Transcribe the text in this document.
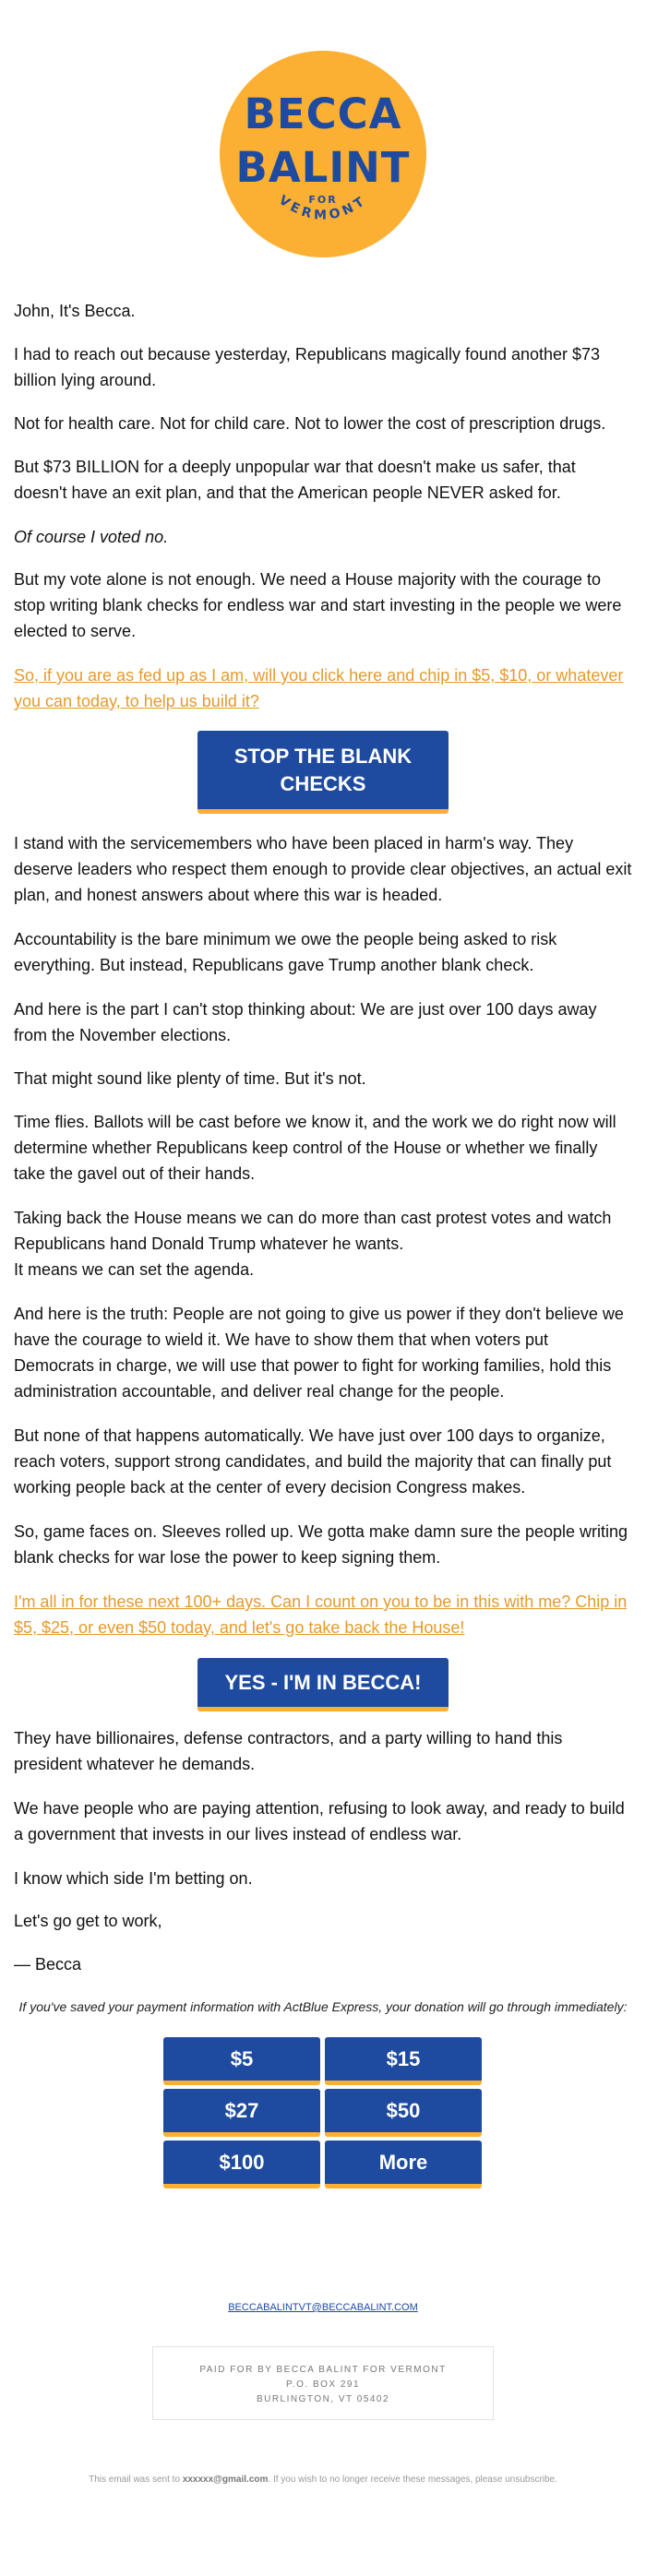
BECCA
BALINT
VERMONT
FOR

John, It's Becca.

I had to reach out because yesterday, Republicans magically found another $73 billion lying around.

Not for health care. Not for child care. Not to lower the cost of prescription drugs.

But $73 BILLION for a deeply unpopular war that doesn't make us safer, that doesn't have an exit plan, and that the American people NEVER asked for.

Of course I voted no.

But my vote alone is not enough. We need a House majority with the courage to stop writing blank checks for endless war and start investing in the people we were elected to serve.

So, if you are as fed up as I am, will you click here and chip in $5, $10, or whatever you can today, to help us build it?

STOP THE BLANK CHECKS

I stand with the servicemembers who have been placed in harm's way. They deserve leaders who respect them enough to provide clear objectives, an actual exit plan, and honest answers about where this war is headed.

Accountability is the bare minimum we owe the people being asked to risk everything. But instead, Republicans gave Trump another blank check.

And here is the part I can't stop thinking about: We are just over 100 days away from the November elections.

That might sound like plenty of time. But it's not.

Time flies. Ballots will be cast before we know it, and the work we do right now will determine whether Republicans keep control of the House or whether we finally take the gavel out of their hands.

Taking back the House means we can do more than cast protest votes and watch Republicans hand Donald Trump whatever he wants.

It means we can set the agenda.

And here is the truth: People are not going to give us power if they don't believe we have the courage to wield it. We have to show them that when voters put Democrats in charge, we will use that power to fight for working families, hold this administration accountable, and deliver real change for the people.

But none of that happens automatically. We have just over 100 days to organize, reach voters, support strong candidates, and build the majority that can finally put working people back at the center of every decision Congress makes.

So, game faces on. Sleeves rolled up. We gotta make damn sure the people writing blank checks for war lose the power to keep signing them.

I'm all in for these next 100+ days. Can I count on you to be in this with me? Chip in $5, $25, or even $50 today, and let's go take back the House!

YES - I'M IN BECCA!

They have billionaires, defense contractors, and a party willing to hand this president whatever he demands.

We have people who are paying attention, refusing to look away, and ready to build a government that invests in our lives instead of endless war.

I know which side I'm betting on.

Let's go get to work,

— Becca

If you've saved your payment information with ActBlue Express, your donation will go through immediately:
$5	$15
$27	$50
$100	More
BECCABALINTVT@BECCABALINT.COM
PAID FOR BY BECCA BALINT FOR VERMONT
P.O. BOX 291
BURLINGTON, VT 05402
This email was sent to xxxxxx@gmail.com. If you wish to no longer receive these messages, please unsubscribe.
